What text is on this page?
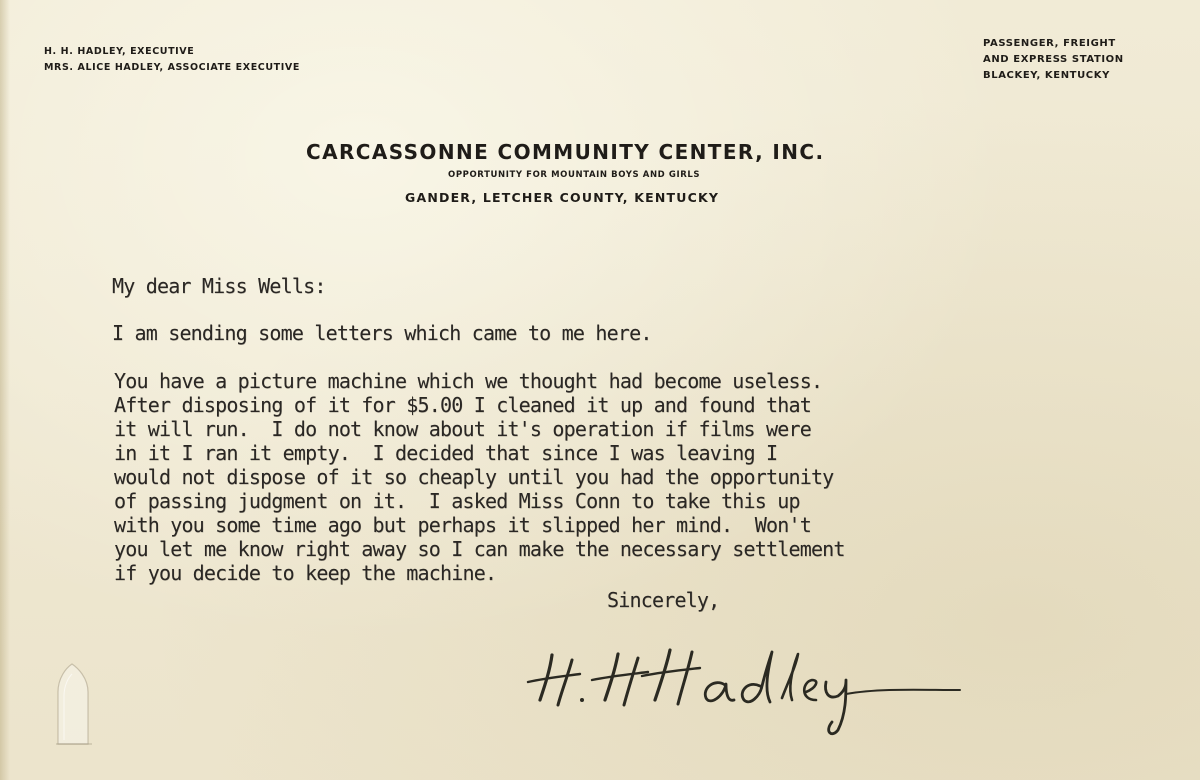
H. H. HADLEY, EXECUTIVE
MRS. ALICE HADLEY, ASSOCIATE EXECUTIVE
PASSENGER, FREIGHT
AND EXPRESS STATION
BLACKEY, KENTUCKY
CARCASSONNE COMMUNITY CENTER, INC.
OPPORTUNITY FOR MOUNTAIN BOYS AND GIRLS
GANDER, LETCHER COUNTY, KENTUCKY
My dear Miss Wells:
I am sending some letters which came to me here.
You have a picture machine which we thought had become useless.
After disposing of it for $5.00 I cleaned it up and found that
it will run.  I do not know about it's operation if films were
in it I ran it empty.  I decided that since I was leaving I
would not dispose of it so cheaply until you had the opportunity
of passing judgment on it.  I asked Miss Conn to take this up
with you some time ago but perhaps it slipped her mind.  Won't
you let me know right away so I can make the necessary settlement
if you decide to keep the machine.
Sincerely,
